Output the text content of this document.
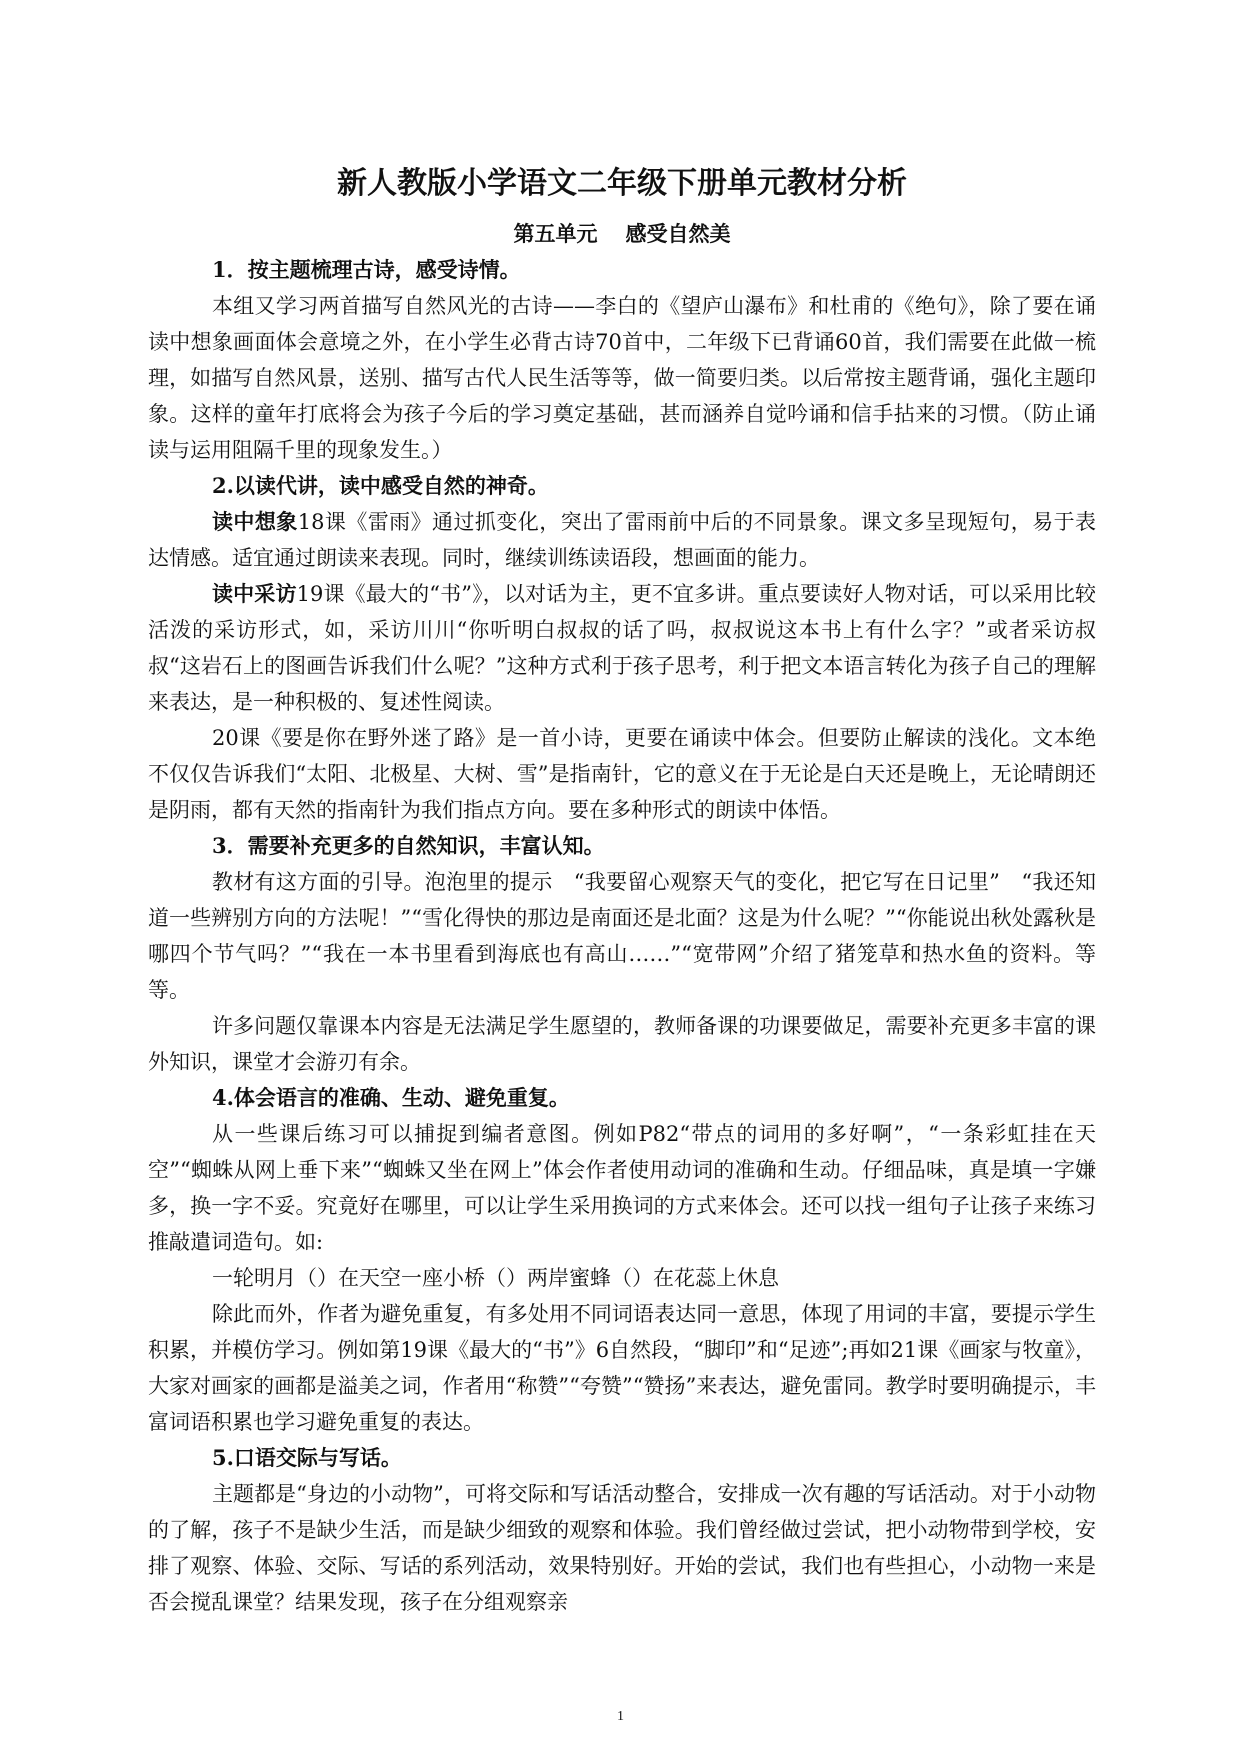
新人教版小学语文二年级下册单元教材分析

第五单元 感受自然美

1．按主题梳理古诗，感受诗情。

本组又学习两首描写自然风光的古诗——李白的《望庐山瀑布》和杜甫的《绝句》，除了要在诵读中想象画面体会意境之外，在小学生必背古诗70首中，二年级下已背诵60首，我们需要在此做一梳理，如描写自然风景，送别、描写古代人民生活等等，做一简要归类。以后常按主题背诵，强化主题印象。这样的童年打底将会为孩子今后的学习奠定基础，甚而涵养自觉吟诵和信手拈来的习惯。（防止诵读与运用阻隔千里的现象发生。）

2.以读代讲，读中感受自然的神奇。

读中想象18课《雷雨》通过抓变化，突出了雷雨前中后的不同景象。课文多呈现短句，易于表达情感。适宜通过朗读来表现。同时，继续训练读语段，想画面的能力。

读中采访19课《最大的“书”》，以对话为主，更不宜多讲。重点要读好人物对话，可以采用比较活泼的采访形式，如，采访川川“你听明白叔叔的话了吗，叔叔说这本书上有什么字？”或者采访叔叔“这岩石上的图画告诉我们什么呢？”这种方式利于孩子思考，利于把文本语言转化为孩子自己的理解来表达，是一种积极的、复述性阅读。

20课《要是你在野外迷了路》是一首小诗，更要在诵读中体会。但要防止解读的浅化。文本绝不仅仅告诉我们“太阳、北极星、大树、雪”是指南针，它的意义在于无论是白天还是晚上，无论晴朗还是阴雨，都有天然的指南针为我们指点方向。要在多种形式的朗读中体悟。

3．需要补充更多的自然知识，丰富认知。

教材有这方面的引导。泡泡里的提示　“我要留心观察天气的变化，把它写在日记里”　“我还知道一些辨别方向的方法呢！”“雪化得快的那边是南面还是北面？这是为什么呢？”“你能说出秋处露秋是哪四个节气吗？”“我在一本书里看到海底也有高山……”“宽带网”介绍了猪笼草和热水鱼的资料。等等。

许多问题仅靠课本内容是无法满足学生愿望的，教师备课的功课要做足，需要补充更多丰富的课外知识，课堂才会游刃有余。

4.体会语言的准确、生动、避免重复。

从一些课后练习可以捕捉到编者意图。例如P82“带点的词用的多好啊”，“一条彩虹挂在天空”“蜘蛛从网上垂下来”“蜘蛛又坐在网上”体会作者使用动词的准确和生动。仔细品味，真是填一字嫌多，换一字不妥。究竟好在哪里，可以让学生采用换词的方式来体会。还可以找一组句子让孩子来练习推敲遣词造句。如:

一轮明月（）在天空一座小桥（）两岸蜜蜂（）在花蕊上休息

除此而外，作者为避免重复，有多处用不同词语表达同一意思，体现了用词的丰富，要提示学生积累，并模仿学习。例如第19课《最大的“书”》6自然段，“脚印”和“足迹”;再如21课《画家与牧童》，大家对画家的画都是溢美之词，作者用“称赞”“夸赞”“赞扬”来表达，避免雷同。教学时要明确提示，丰富词语积累也学习避免重复的表达。

5.口语交际与写话。

主题都是“身边的小动物”，可将交际和写话活动整合，安排成一次有趣的写话活动。对于小动物的了解，孩子不是缺少生活，而是缺少细致的观察和体验。我们曾经做过尝试，把小动物带到学校，安排了观察、体验、交际、写话的系列活动，效果特别好。开始的尝试，我们也有些担心，小动物一来是否会搅乱课堂？结果发现，孩子在分组观察亲

1
